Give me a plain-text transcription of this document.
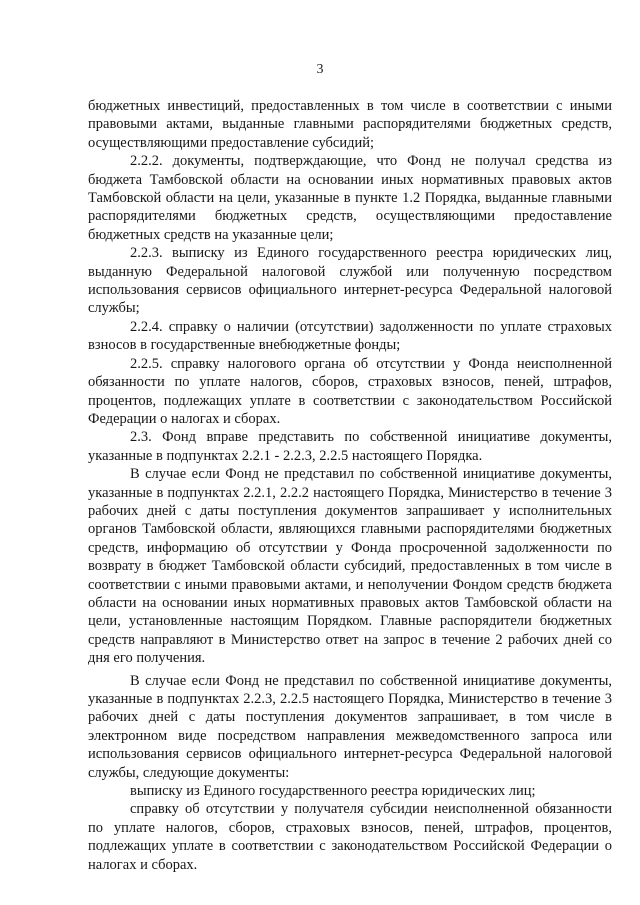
3

бюджетных инвестиций, предоставленных в том числе в соответствии с иными правовыми актами, выданные главными распорядителями бюджетных средств, осуществляющими предоставление субсидий;

2.2.2. документы, подтверждающие, что Фонд не получал средства из бюджета Тамбовской области на основании иных нормативных правовых актов Тамбовской области на цели, указанные в пункте 1.2 Порядка, выданные главными распорядителями бюджетных средств, осуществляющими предоставление бюджетных средств на указанные цели;

2.2.3. выписку из Единого государственного реестра юридических лиц, выданную Федеральной налоговой службой или полученную посредством использования сервисов официального интернет-ресурса Федеральной налоговой службы;

2.2.4. справку о наличии (отсутствии) задолженности по уплате страховых взносов в государственные внебюджетные фонды;

2.2.5. справку налогового органа об отсутствии у Фонда неисполненной обязанности по уплате налогов, сборов, страховых взносов, пеней, штрафов, процентов, подлежащих уплате в соответствии с законодательством Российской Федерации о налогах и сборах.

2.3. Фонд вправе представить по собственной инициативе документы, указанные в подпунктах 2.2.1 - 2.2.3, 2.2.5 настоящего Порядка.

В случае если Фонд не представил по собственной инициативе документы, указанные в подпунктах 2.2.1, 2.2.2 настоящего Порядка, Министерство в течение 3 рабочих дней с даты поступления документов запрашивает у исполнительных органов Тамбовской области, являющихся главными распорядителями бюджетных средств, информацию об отсутствии у Фонда просроченной задолженности по возврату в бюджет Тамбовской области субсидий, предоставленных в том числе в соответствии с иными правовыми актами, и неполучении Фондом средств бюджета области на основании иных нормативных правовых актов Тамбовской области на цели, установленные настоящим Порядком. Главные распорядители бюджетных средств направляют в Министерство ответ на запрос в течение 2 рабочих дней со дня его получения.

В случае если Фонд не представил по собственной инициативе документы, указанные в подпунктах 2.2.3, 2.2.5 настоящего Порядка, Министерство в течение 3 рабочих дней с даты поступления документов запрашивает, в том числе в электронном виде посредством направления межведомственного запроса или использования сервисов официального интернет-ресурса Федеральной налоговой службы, следующие документы:

выписку из Единого государственного реестра юридических лиц;

справку об отсутствии у получателя субсидии неисполненной обязанности по уплате налогов, сборов, страховых взносов, пеней, штрафов, процентов, подлежащих уплате в соответствии с законодательством Российской Федерации о налогах и сборах.
